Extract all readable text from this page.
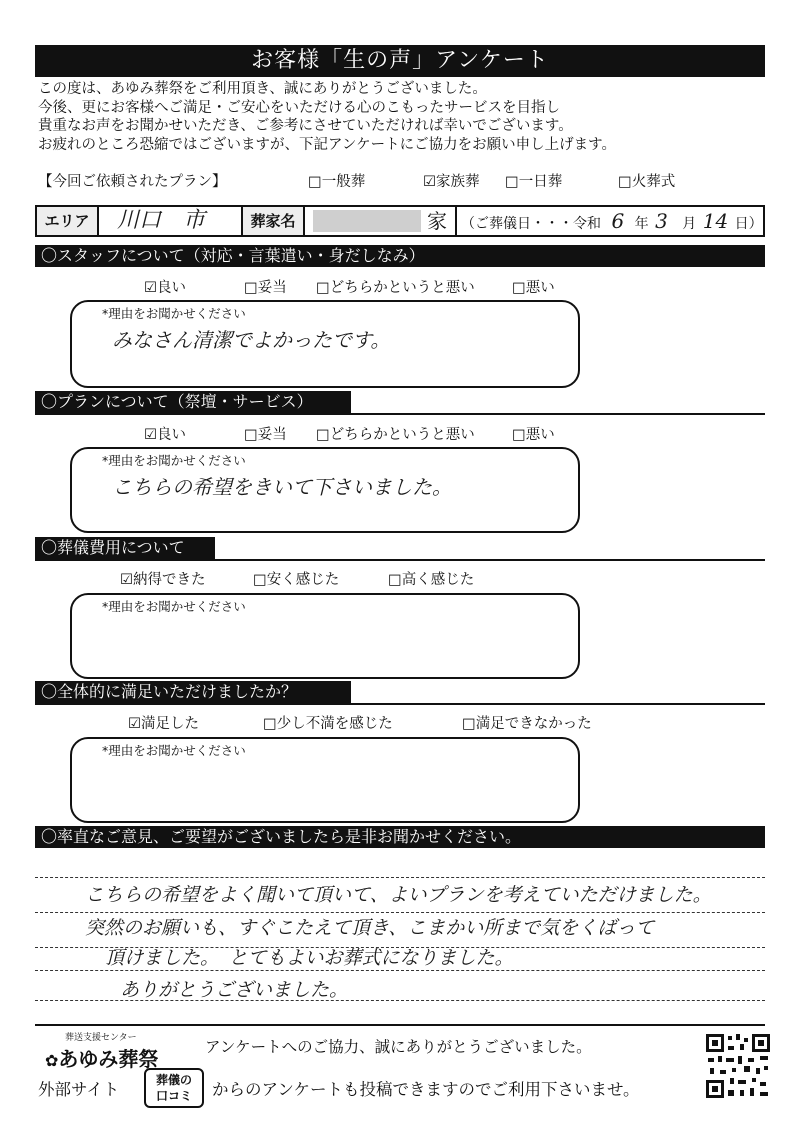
お客様「生の声」アンケート
この度は、あゆみ葬祭をご利用頂き、誠にありがとうございました。
今後、更にお客様へご満足・ご安心をいただける心のこもったサービスを目指し
貴重なお声をお聞かせいただき、ご参考にさせていただければ幸いでございます。
お疲れのところ恐縮ではございますが、下記アンケートにご協力をお願い申し上げます。
【今回ご依頼されたプラン】	□一般葬	☑家族葬 □一日葬	□火葬式
エリア	川口　市	葬家名	家 （ご葬儀日・・・令和 6 年 3 月 14 日）
〇スタッフについて（対応・言葉遣い・身だしなみ）
☑良い	□妥当 □どちらかというと悪い	□悪い
*理由をお聞かせください
みなさん清潔でよかったです。
〇プランについて（祭壇・サービス）
☑良い	□妥当 □どちらかというと悪い	□悪い
*理由をお聞かせください
こちらの希望をきいて下さいました。
〇葬儀費用について
☑納得できた	□安く感じた	□高く感じた
*理由をお聞かせください
〇全体的に満足いただけましたか？
☑満足した	□少し不満を感じた	□満足できなかった
*理由をお聞かせください
〇率直なご意見、ご要望がございましたら是非お聞かせください。
こちらの希望をよく聞いて頂いて、よいプランを考えていただけました。
突然のお願いも、すぐこたえて頂き、こまかい所まで気をくばって
頂けました。　とてもよいお葬式になりました。
ありがとうございました。
葬送支援センター
✿あゆみ葬祭	アンケートへのご協力、誠にありがとうございました。
外部サイト	葬儀の
口コミ	からのアンケートも投稿できますのでご利用下さいませ。
